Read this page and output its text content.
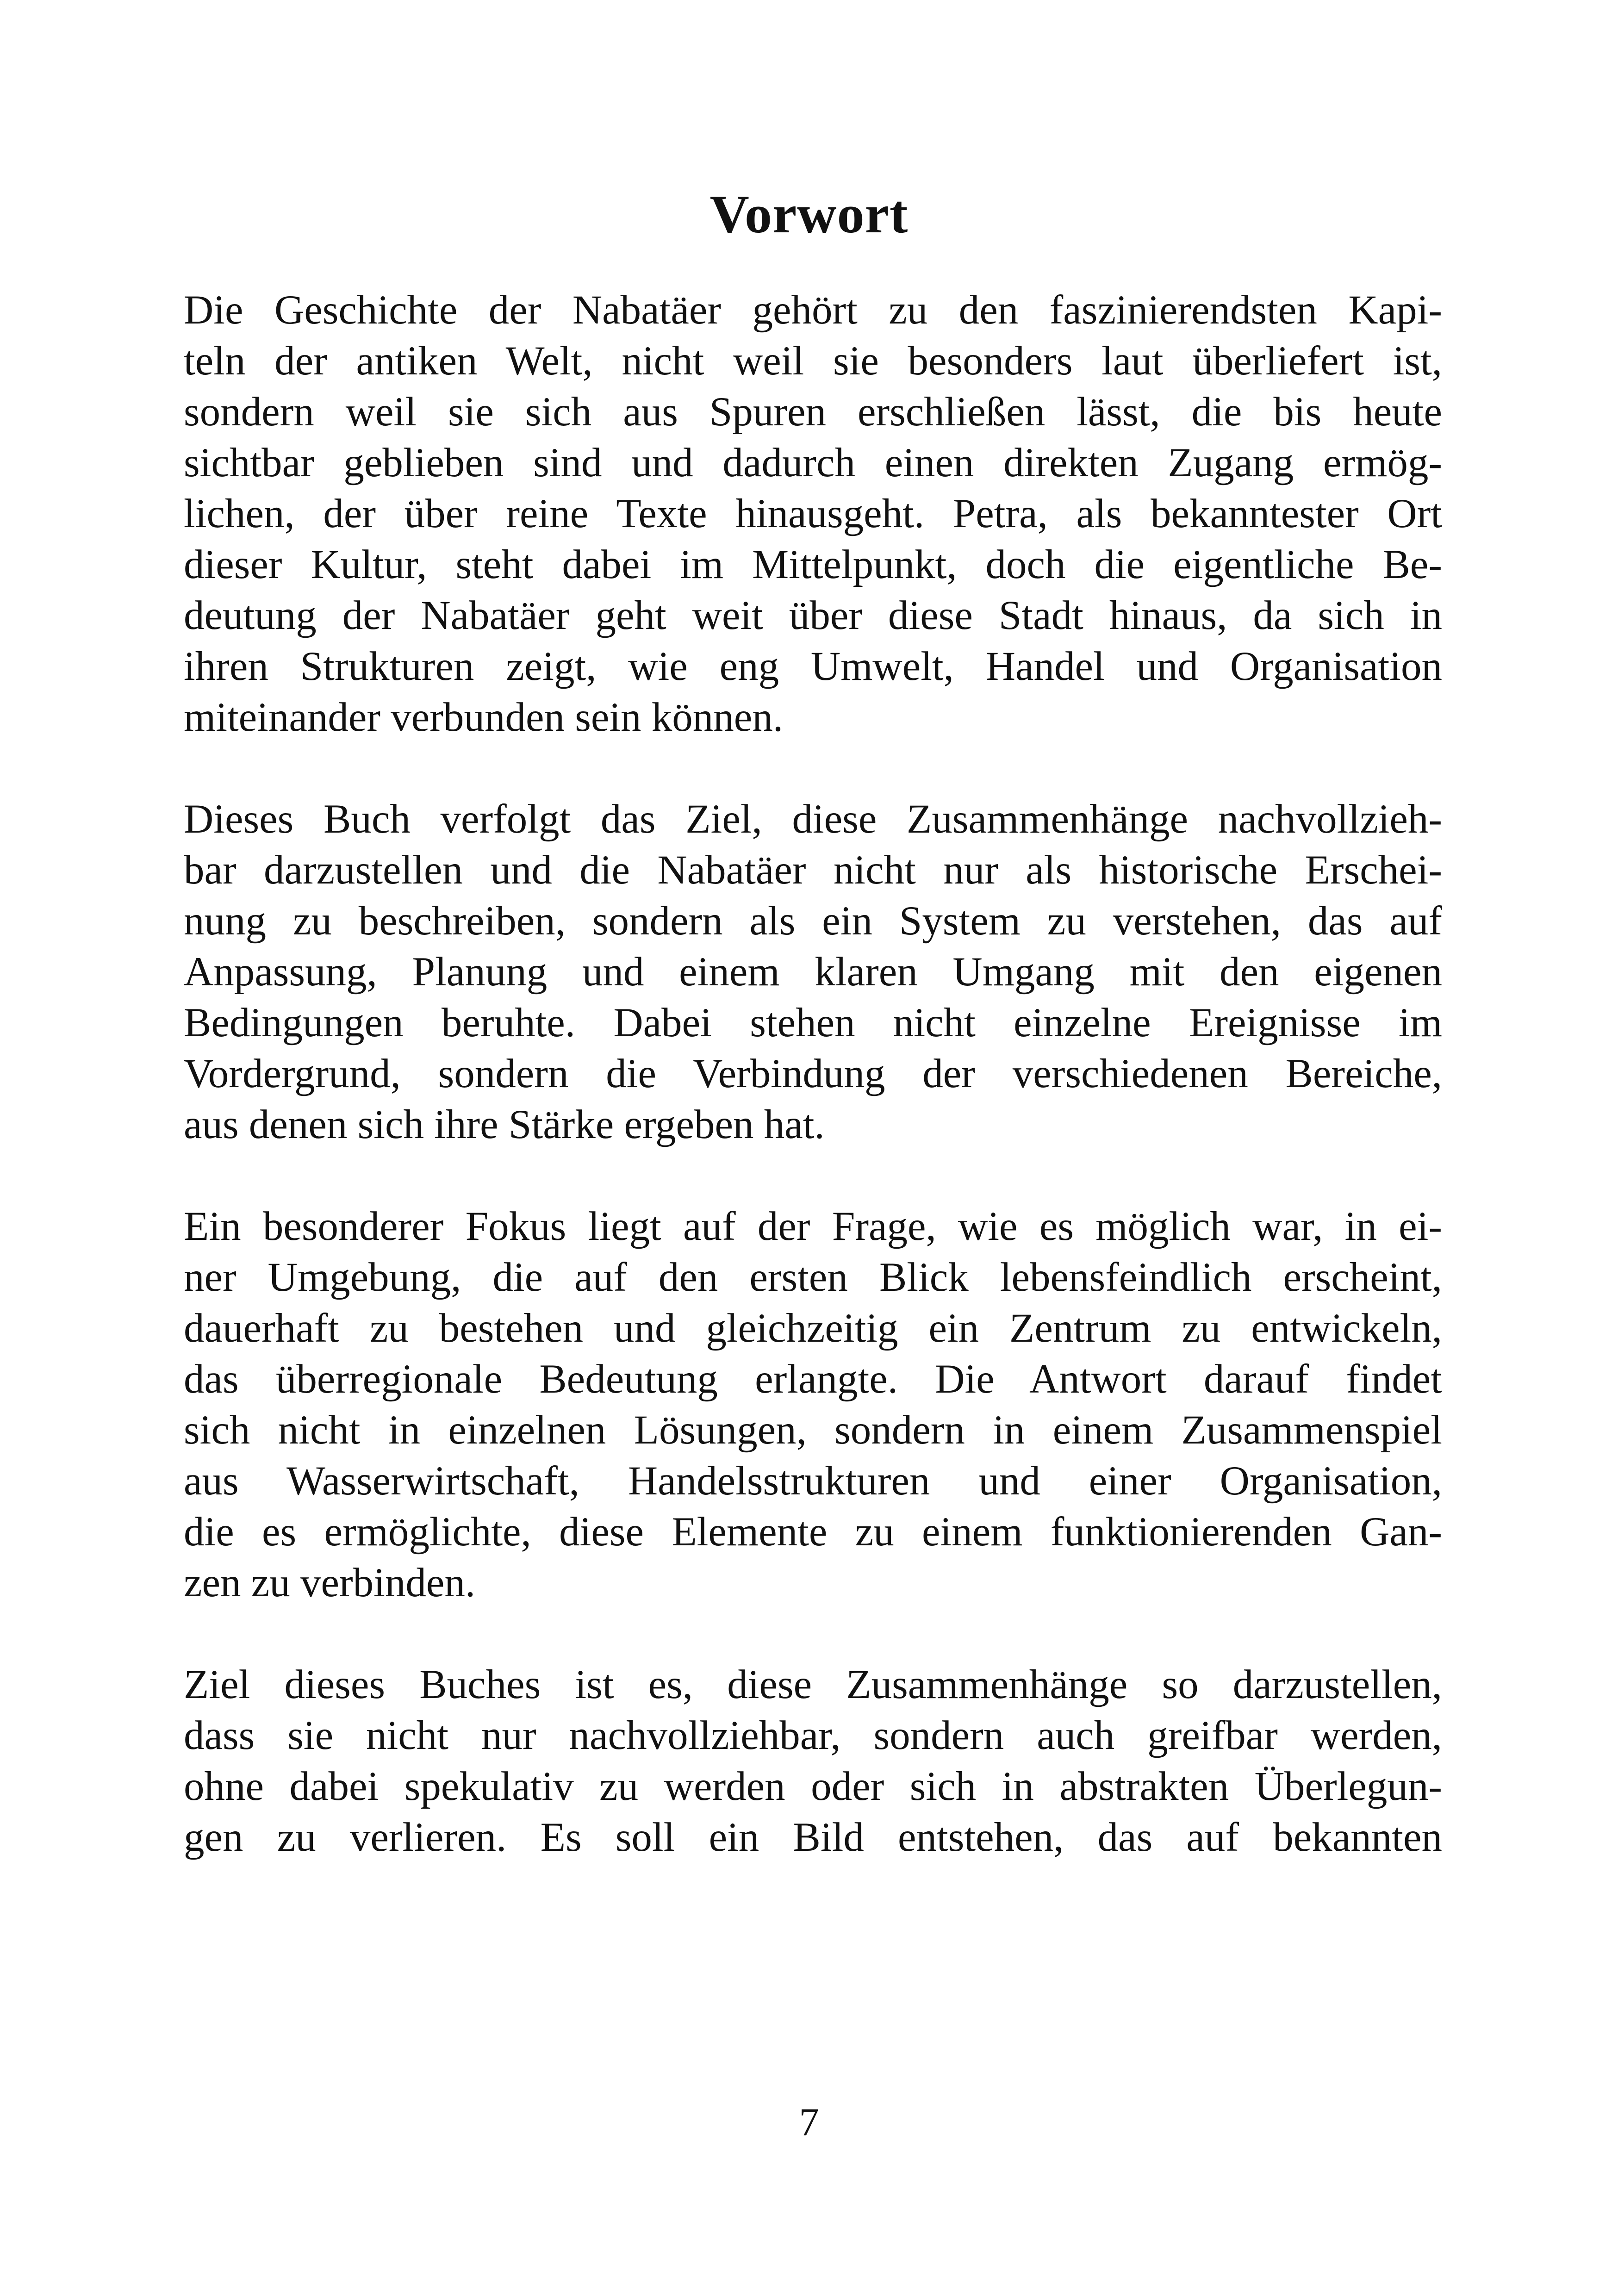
Vorwort

Die Geschichte der Nabatäer gehört zu den faszinierendsten Kapi-
teln der antiken Welt, nicht weil sie besonders laut überliefert ist,
sondern weil sie sich aus Spuren erschließen lässt, die bis heute
sichtbar geblieben sind und dadurch einen direkten Zugang ermög-
lichen, der über reine Texte hinausgeht. Petra, als bekanntester Ort
dieser Kultur, steht dabei im Mittelpunkt, doch die eigentliche Be-
deutung der Nabatäer geht weit über diese Stadt hinaus, da sich in
ihren Strukturen zeigt, wie eng Umwelt, Handel und Organisation
miteinander verbunden sein können.

Dieses Buch verfolgt das Ziel, diese Zusammenhänge nachvollzieh-
bar darzustellen und die Nabatäer nicht nur als historische Erschei-
nung zu beschreiben, sondern als ein System zu verstehen, das auf
Anpassung, Planung und einem klaren Umgang mit den eigenen
Bedingungen beruhte. Dabei stehen nicht einzelne Ereignisse im
Vordergrund, sondern die Verbindung der verschiedenen Bereiche,
aus denen sich ihre Stärke ergeben hat.

Ein besonderer Fokus liegt auf der Frage, wie es möglich war, in ei-
ner Umgebung, die auf den ersten Blick lebensfeindlich erscheint,
dauerhaft zu bestehen und gleichzeitig ein Zentrum zu entwickeln,
das überregionale Bedeutung erlangte. Die Antwort darauf findet
sich nicht in einzelnen Lösungen, sondern in einem Zusammenspiel
aus Wasserwirtschaft, Handelsstrukturen und einer Organisation,
die es ermöglichte, diese Elemente zu einem funktionierenden Gan-
zen zu verbinden.

Ziel dieses Buches ist es, diese Zusammenhänge so darzustellen,
dass sie nicht nur nachvollziehbar, sondern auch greifbar werden,
ohne dabei spekulativ zu werden oder sich in abstrakten Überlegun-
gen zu verlieren. Es soll ein Bild entstehen, das auf bekannten

7
